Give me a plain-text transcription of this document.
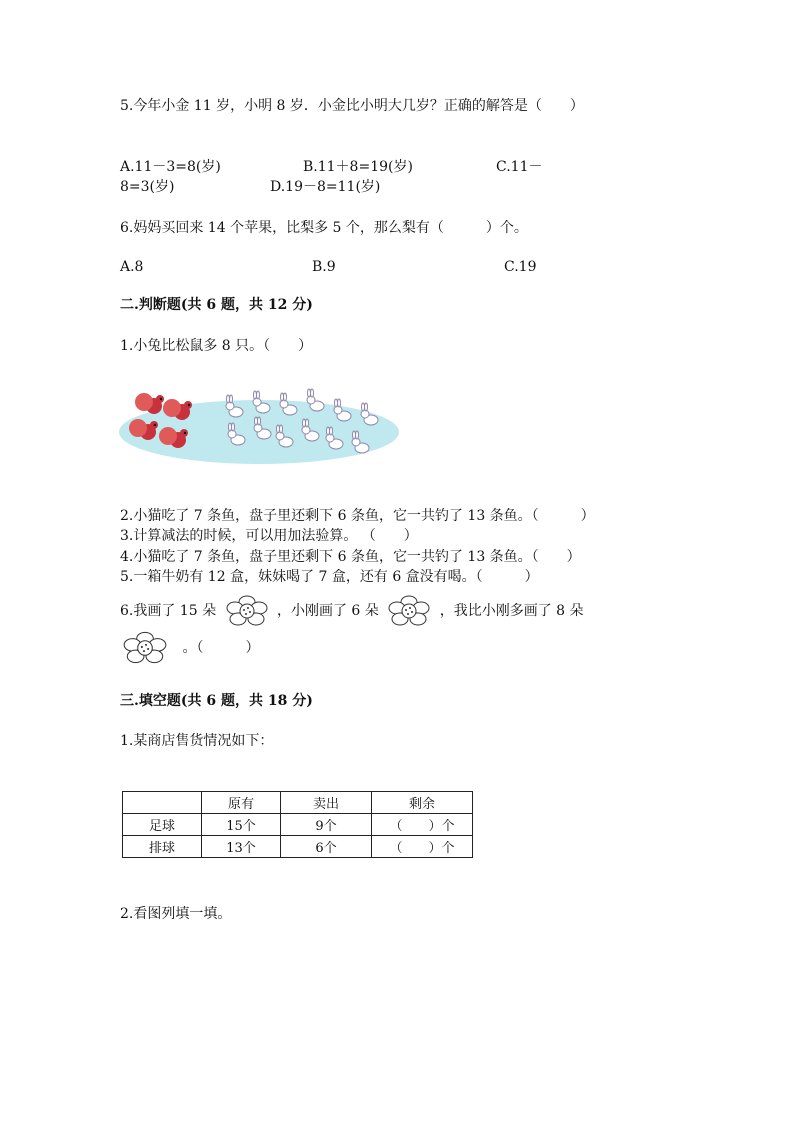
5.今年小金 11 岁，小明 8 岁．小金比小明大几岁？正确的解答是（　　）
A.11－3=8(岁)	B.11＋8=19(岁)	C.11－
8=3(岁)	D.19－8=11(岁)
6.妈妈买回来 14 个苹果，比梨多 5 个，那么梨有（　　　）个。
A.8	B.9	C.19
二.判断题(共 6 题，共 12 分)
1.小兔比松鼠多 8 只。（　　）
2.小猫吃了 7 条鱼，盘子里还剩下 6 条鱼，它一共钓了 13 条鱼。（　　　）
3.计算减法的时候，可以用加法验算。 （　　）
4.小猫吃了 7 条鱼，盘子里还剩下 6 条鱼，它一共钓了 13 条鱼。（　　）
5.一箱牛奶有 12 盒，妹妹喝了 7 盒，还有 6 盒没有喝。（　　　）
6.我画了 15 朵	，小刚画了 6 朵	，我比小刚多画了 8 朵
。（　　　）
三.填空题(共 6 题，共 18 分)
1.某商店售货情况如下：
	原有	卖出	剩余
足球	15个	9个	（　　）个
排球	13个	6个	（　　）个
2.看图列填一填。
